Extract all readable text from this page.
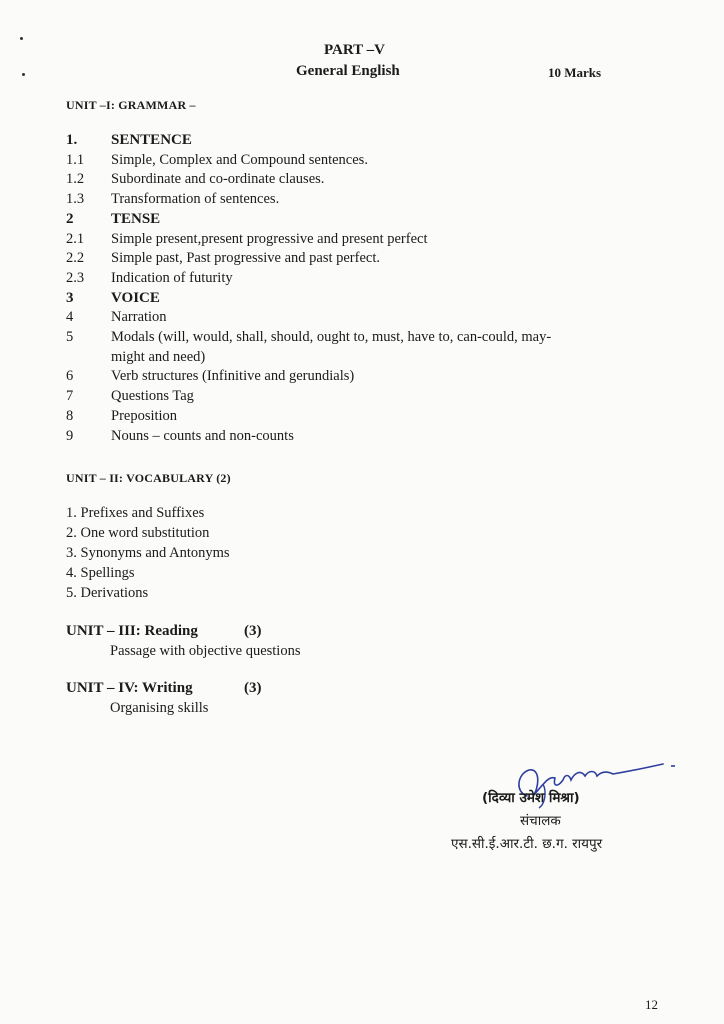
PART –V
General English	10 Marks
UNIT –I: GRAMMAR –
1.	SENTENCE
1.1	Simple, Complex and Compound sentences.
1.2	Subordinate and co-ordinate clauses.
1.3	Transformation of sentences.
2	TENSE
2.1	Simple present,present progressive and present perfect
2.2	Simple past, Past progressive and past perfect.
2.3	Indication of futurity
3	VOICE
4	Narration
5	Modals (will, would, shall, should, ought to, must, have to, can-could, may-
might and need)
6	Verb structures (Infinitive and gerundials)
7	Questions Tag
8	Preposition
9	Nouns – counts and non-counts
UNIT – II: VOCABULARY (2)
1. Prefixes and Suffixes
2. One word substitution
3. Synonyms and Antonyms
4. Spellings
5. Derivations
UNIT – III: Reading	(3)
Passage with objective questions
UNIT – IV: Writing	(3)
Organising skills
(दिव्या उमेश मिश्रा)
संचालक
एस.सी.ई.आर.टी. छ.ग. रायपुर
12
